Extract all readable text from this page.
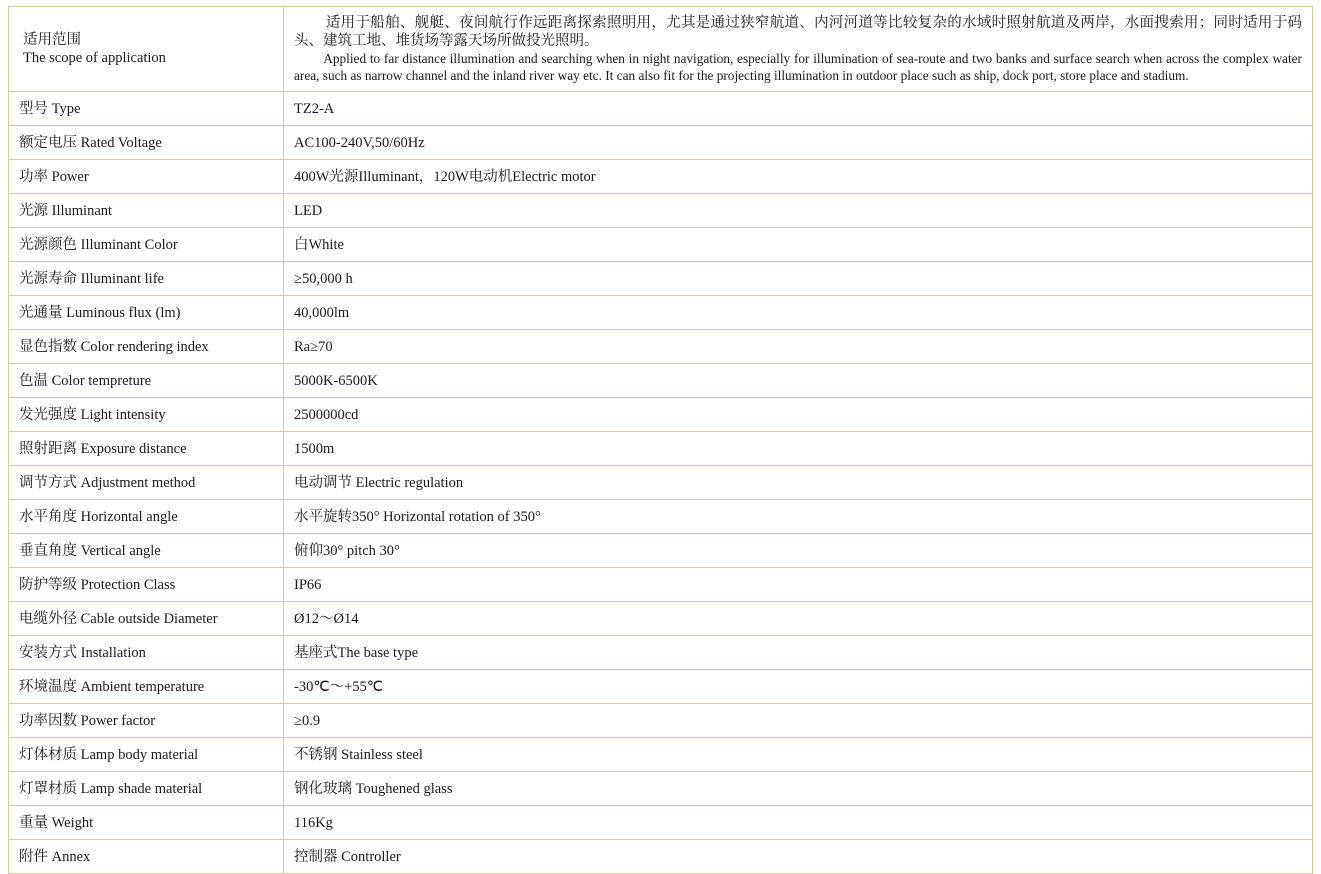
适用范围
The scope of application

适用于船舶、舰艇、夜间航行作远距离探索照明用，尤其是通过狭窄航道、内河河道等比较复杂的水域时照射航道及两岸，水面搜索用；同时适用于码头、建筑工地、堆货场等露天场所做投光照明。

Applied to far distance illumination and searching when in night navigation, especially for illumination of sea-route and two banks and surface search when across the complex water area, such as narrow channel and the inland river way etc. It can also fit for the projecting illumination in outdoor place such as ship, dock port, store place and stadium.

型号 Type	TZ2-A
额定电压 Rated Voltage	AC100-240V,50/60Hz
功率 Power	400W光源Illuminant，120W电动机Electric motor
光源 Illuminant	LED
光源颜色 Illuminant Color	白White
光源寿命 Illuminant life	≥50,000 h
光通量 Luminous flux (lm)	40,000lm
显色指数 Color rendering index	Ra≥70
色温 Color tempreture	5000K-6500K
发光强度 Light intensity	2500000cd
照射距离 Exposure distance	1500m
调节方式 Adjustment method	电动调节 Electric regulation
水平角度 Horizontal angle	水平旋转350° Horizontal rotation of 350°
垂直角度 Vertical angle	俯仰30° pitch 30°
防护等级 Protection Class	IP66
电缆外径 Cable outside Diameter	Ø12～Ø14
安装方式 Installation	基座式The base type
环境温度 Ambient temperature	-30℃～+55℃
功率因数 Power factor	≥0.9
灯体材质 Lamp body material	不锈钢 Stainless steel
灯罩材质 Lamp shade material	钢化玻璃 Toughened glass
重量 Weight	116Kg
附件 Annex	控制器 Controller
